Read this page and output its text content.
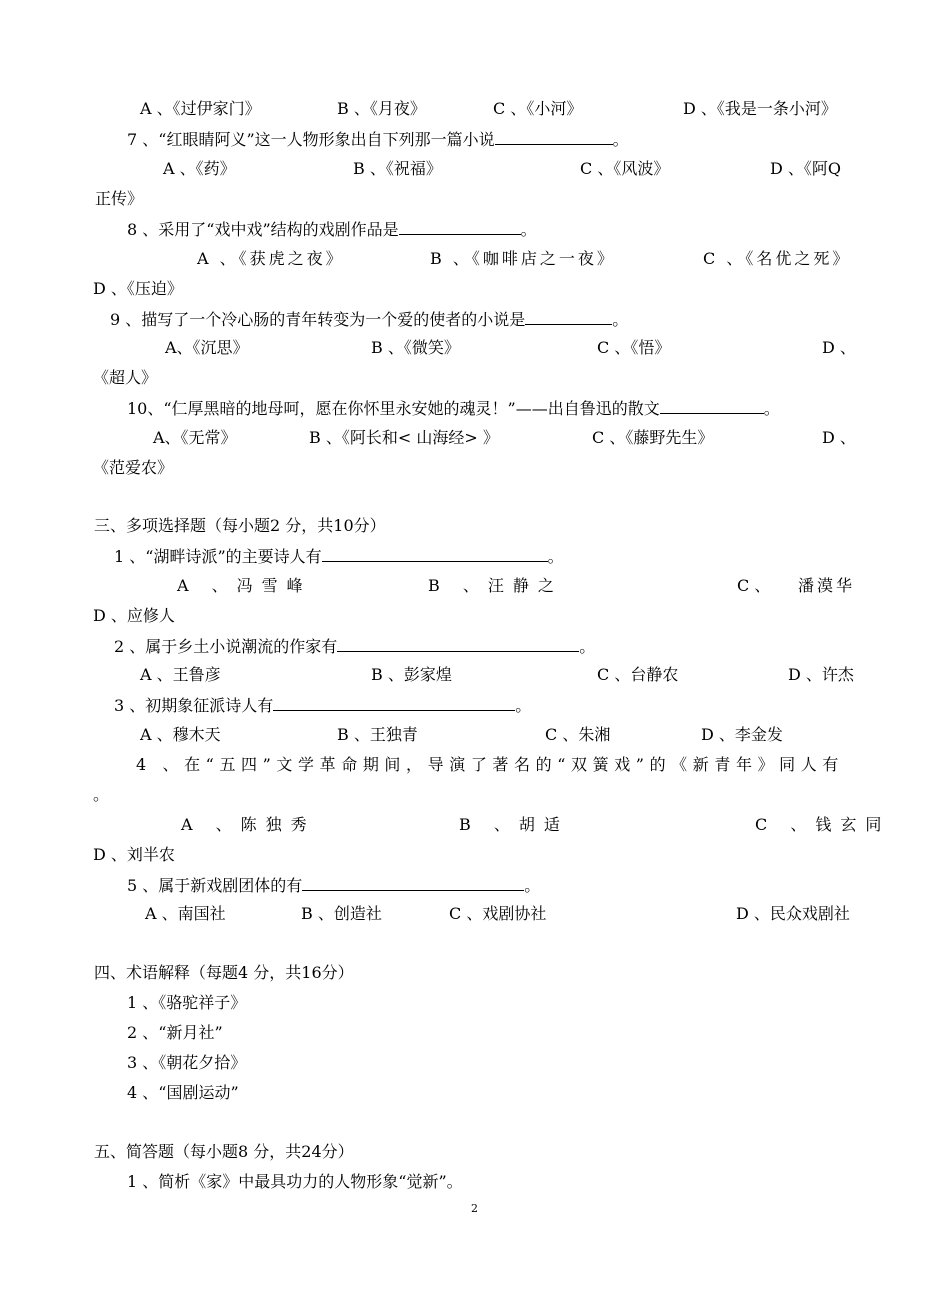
A 、《过伊家门》	B 、《月夜》	C 、《小河》	D 、《我是一条小河》
7 、“红眼睛阿义”这一人物形象出自下列那一篇小说	。
A 、《药》	B 、《祝福》	C 、《风波》	D 、《阿Q
正传》
8 、采用了“戏中戏”结构的戏剧作品是	。
A 、《获虎之夜》	B 、《咖啡店之一夜》	C 、《名优之死》
D 、《压迫》
9 、描写了一个冷心肠的青年转变为一个爱的使者的小说是	。
A、《沉思》	B 、《微笑》	C 、《悟》	D 、
《超人》
10、“仁厚黑暗的地母呵，愿在你怀里永安她的魂灵！”——出自鲁迅的散文	。
A、《无常》	B 、《阿长和< 山海经> 》	C 、《藤野先生》	D 、
《范爱农》
三、多项选择题（每小题2 分，共10分）
1 、“湖畔诗派”的主要诗人有	。
A 、冯雪峰	B 、汪静之	C 、 潘漠华
D 、应修人
2 、属于乡土小说潮流的作家有	。
A 、王鲁彦	B 、彭家煌	C 、台静农	D 、许杰
3 、初期象征派诗人有	。
A 、穆木天	B 、王独青	C 、朱湘	D 、李金发
4 、在“五四”文学革命期间，导演了著名的“双簧戏”的《新青年》同人有
。
A 、陈独秀	B 、胡适	C 、钱玄同
D 、刘半农
5 、属于新戏剧团体的有	。
A 、南国社	B 、创造社	C 、戏剧协社	D 、民众戏剧社
四、术语解释（每题4 分，共16分）
1 、《骆驼祥子》
2 、“新月社”
3 、《朝花夕拾》
4 、“国剧运动”
五、简答题（每小题8 分，共24分）
1 、简析《家》中最具功力的人物形象“觉新”。
2
